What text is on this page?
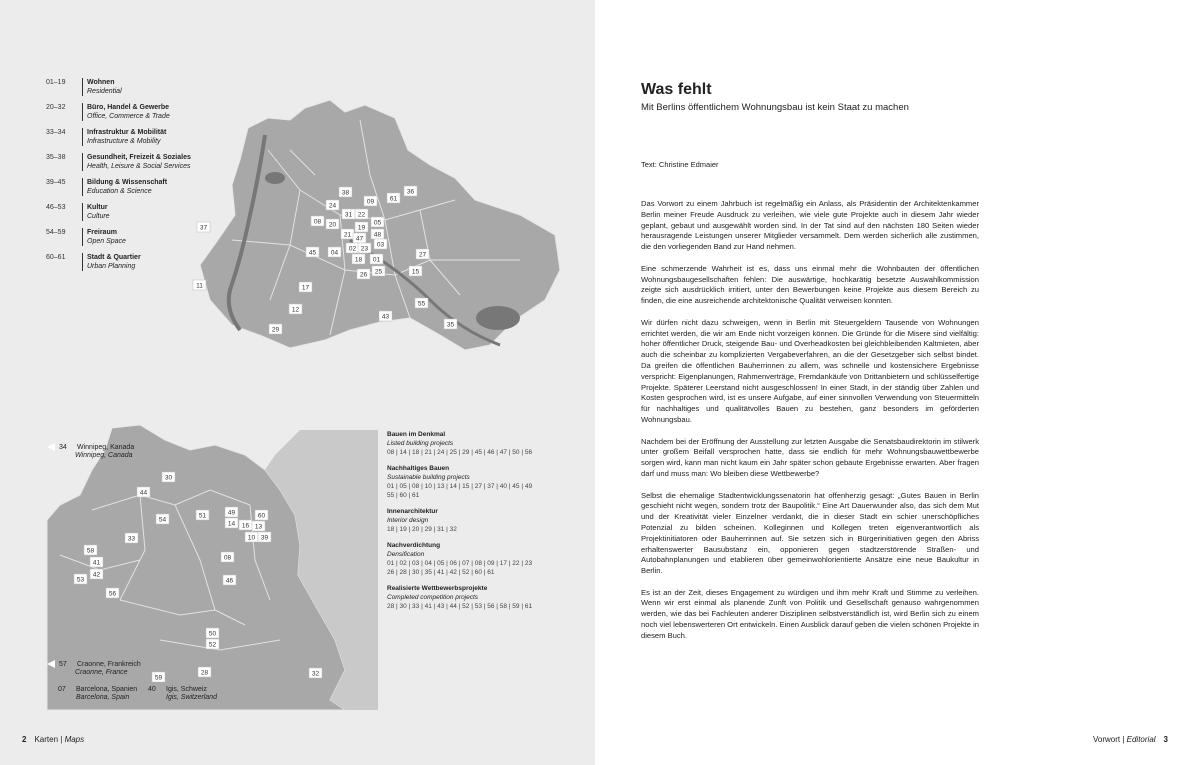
01–19	Wohnen
Residential
20–32	Büro, Handel & Gewerbe
Office, Commerce & Trade
33–34	Infrastruktur & Mobilität
Infrastructure & Mobility
35–38	Gesundheit, Freizeit & Soziales
Health, Leisure & Social Services
39–45	Bildung & Wissenschaft
Education & Science
46–53	Kultur
Culture
54–59	Freiraum
Open Space
60–61	Stadt & Quartier
Urban Planning
38
09 61
36
24
31 22
05
08 20	19
37
21
47
48
45 04
02 23
03
27
18 01
26 25	15
11	17
55
12
43
35
29
30
44
51	49	60
14 16 13
10 39
54
33
58
41
42
53
08
46
56
50
52
28	32
59
34 Winnipeg, Kanada
Winnipeg, Canada
57 Craonne, Frankreich
Craonne, France
07 Barcelona, Spanien
Barcelona, Spain
40 Igis, Schweiz
Igis, Switzerland
Bauen im Denkmal
Listed building projects
08 | 14 | 18 | 21 | 24 | 25 | 29 | 45 | 46 | 47 | 50 | 56
Nachhaltiges Bauen
Sustainable building projects
01 | 05 | 08 | 10 | 13 | 14 | 15 | 27 | 37 | 40 | 45 | 49
55 | 60 | 61
Innenarchitektur
Interior design
18 | 19 | 20 | 29 | 31 | 32
Nachverdichtung
Densification
01 | 02 | 03 | 04 | 05 | 06 | 07 | 08 | 09 | 17 | 22 | 23
26 | 28 | 30 | 35 | 41 | 42 | 52 | 60 | 61
Realisierte Wettbewerbsprojekte
Completed competition projects
28 | 30 | 33 | 41 | 43 | 44 | 52 | 53 | 56 | 58 | 59 | 61
2 Karten | Maps
Was fehlt
Mit Berlins öffentlichem Wohnungsbau ist kein Staat zu machen
Text: Christine Edmaier

Das Vorwort zu einem Jahrbuch ist regelmäßig ein Anlass, als Präsidentin der Architektenkammer Berlin meiner Freude Ausdruck zu verleihen, wie viele gute Projekte auch in diesem Jahr wieder geplant, gebaut und ausgewählt worden sind. In der Tat sind auf den nächsten 180 Seiten wieder herausragende Leistungen unserer Mitglieder versammelt. Dem werden sicherlich alle zustimmen, die den vorliegenden Band zur Hand nehmen.

Eine schmerzende Wahrheit ist es, dass uns einmal mehr die Wohnbauten der öffentlichen Wohnungsbaugesellschaften fehlen: Die auswärtige, hochkarätig besetzte Auswahlkommission zeigte sich ausdrücklich irritiert, unter den Bewerbungen keine Projekte aus diesem Bereich zu finden, die eine ausreichende architektonische Qualität verweisen konnten.

Wir dürfen nicht dazu schweigen, wenn in Berlin mit Steuergeldern Tausende von Wohnungen errichtet werden, die wir am Ende nicht vorzeigen können. Die Gründe für die Misere sind vielfältig: hoher öffentlicher Druck, steigende Bau- und Overheadkosten bei gleichbleibenden Kaltmieten, aber auch die scheinbar zu komplizierten Vergabeverfahren, an die der Gesetzgeber sich selbst bindet. Da greifen die öffentlichen Bauherrinnen zu allem, was schnelle und kostensichere Ergebnisse verspricht: Eigenplanungen, Rahmenverträge, Fremdankäufe von Drittanbietern und schlüsselfertige Projekte. Späterer Leerstand nicht ausgeschlossen! In einer Stadt, in der ständig über Zahlen und Kosten gesprochen wird, ist es unsere Aufgabe, auf einer sinnvollen Verwendung von Steuermitteln für nachhaltiges und qualitätvolles Bauen zu bestehen, ganz besonders im geförderten Wohnungsbau.

Nachdem bei der Eröffnung der Ausstellung zur letzten Ausgabe die Senatsbaudirektorin im stilwerk unter großem Beifall versprochen hatte, dass sie endlich für mehr Wohnungsbauwettbewerbe sorgen wird, kann man nicht kaum ein Jahr später schon gebaute Ergebnisse erwarten. Aber fragen darf und muss man: Wo bleiben diese Wettbewerbe?

Selbst die ehemalige Stadtentwicklungssenatorin hat offenherzig gesagt: „Gutes Bauen in Berlin geschieht nicht wegen, sondern trotz der Baupolitik.“ Eine Art Dauerwunder also, das sich dem Mut und der Kreativität vieler Einzelner verdankt, die in dieser Stadt ein schier unerschöpfliches Potenzial zu bilden scheinen. Kolleginnen und Kollegen treten eigenverantwortlich als Projektinitiatoren oder Bauherrinnen auf. Sie setzen sich in Bürgerinitiativen gegen den Abriss erhaltenswerter Bausubstanz ein, opponieren gegen stadtzerstörende Straßen- und Autobahnplanungen und etablieren über gemeinwohlorientierte Ansätze eine neue Baukultur in Berlin.

Es ist an der Zeit, dieses Engagement zu würdigen und ihm mehr Kraft und Stimme zu verleihen. Wenn wir erst einmal als planende Zunft von Politik und Gesellschaft genauso wahrgenommen werden, wie das bei Fachleuten anderer Disziplinen selbstverständlich ist, wird Berlin sich zu einem noch viel lebenswerteren Ort entwickeln. Einen Ausblick darauf geben die vielen schönen Projekte in diesem Buch.

Vorwort | Editorial 3
